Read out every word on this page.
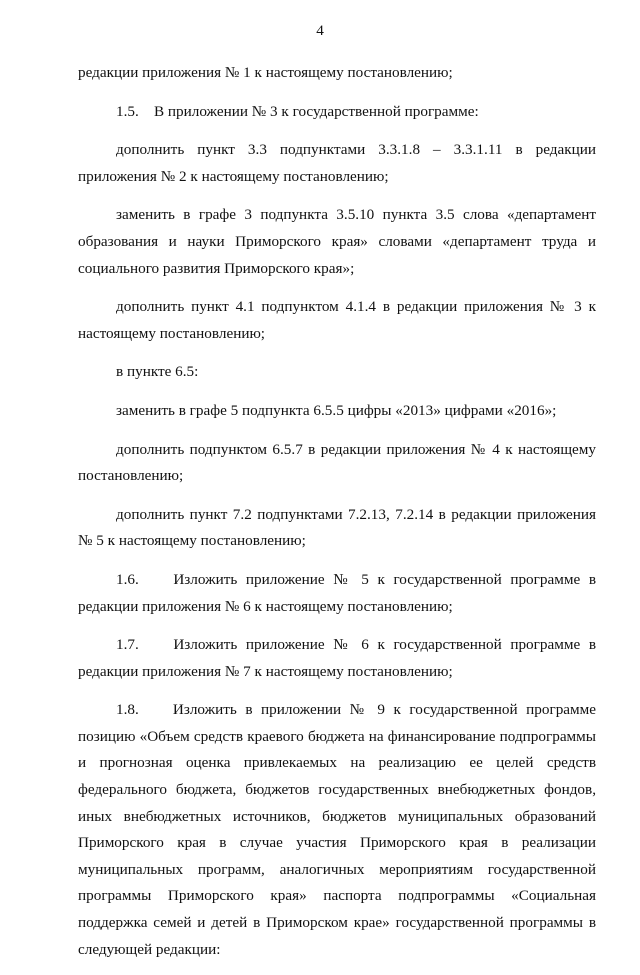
4

редакции приложения № 1 к настоящему постановлению;

1.5.    В приложении № 3 к государственной программе:

дополнить пункт 3.3 подпунктами 3.3.1.8 – 3.3.1.11 в редакции приложения № 2 к настоящему постановлению;

заменить в графе 3 подпункта 3.5.10 пункта 3.5 слова «департамент образования и науки Приморского края» словами «департамент труда и социального развития Приморского края»;

дополнить пункт 4.1 подпунктом 4.1.4 в редакции приложения № 3 к настоящему постановлению;

в пункте 6.5:

заменить в графе 5 подпункта 6.5.5 цифры «2013» цифрами «2016»;

дополнить подпунктом 6.5.7 в редакции приложения № 4 к настоящему постановлению;

дополнить пункт 7.2 подпунктами 7.2.13, 7.2.14 в редакции приложения № 5 к настоящему постановлению;

1.6.    Изложить приложение № 5 к государственной программе в редакции приложения № 6 к настоящему постановлению;

1.7.    Изложить приложение № 6 к государственной программе в редакции приложения № 7 к настоящему постановлению;

1.8.    Изложить в приложении № 9 к государственной программе позицию «Объем средств краевого бюджета на финансирование подпрограммы и прогнозная оценка привлекаемых на реализацию ее целей средств федерального бюджета, бюджетов государственных внебюджетных фондов, иных внебюджетных источников, бюджетов муниципальных образований Приморского края в случае участия Приморского края в реализации муниципальных программ, аналогичных мероприятиям государственной программы Приморского края» паспорта подпрограммы «Социальная поддержка семей и детей в Приморском крае» государственной программы в следующей редакции:
